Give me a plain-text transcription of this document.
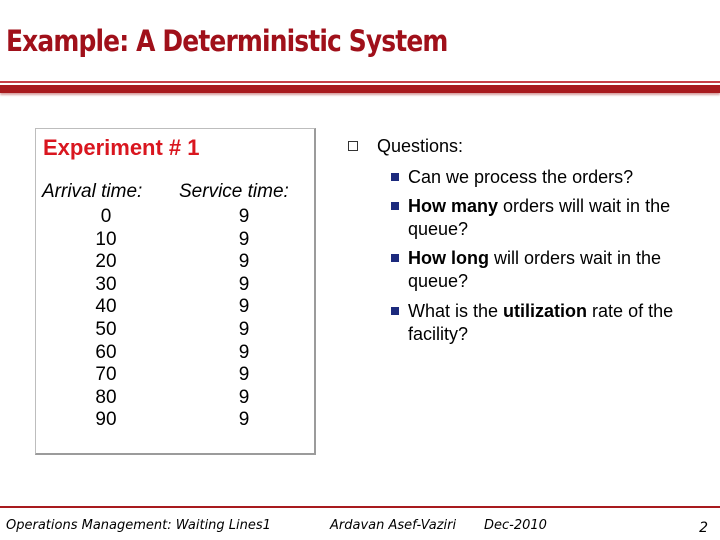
Example: A Deterministic System
Experiment # 1
Arrival time: Service time:
0
10
20
30
40
50
60
70
80
90
9
9
9
9
9
9
9
9
9
9
Questions:
Can we process the orders?
How many orders will wait in the queue?
How long will orders wait in the queue?
What is the utilization rate of the facility?
Operations Management: Waiting Lines1	Ardavan Asef-Vaziri Dec-2010	2
